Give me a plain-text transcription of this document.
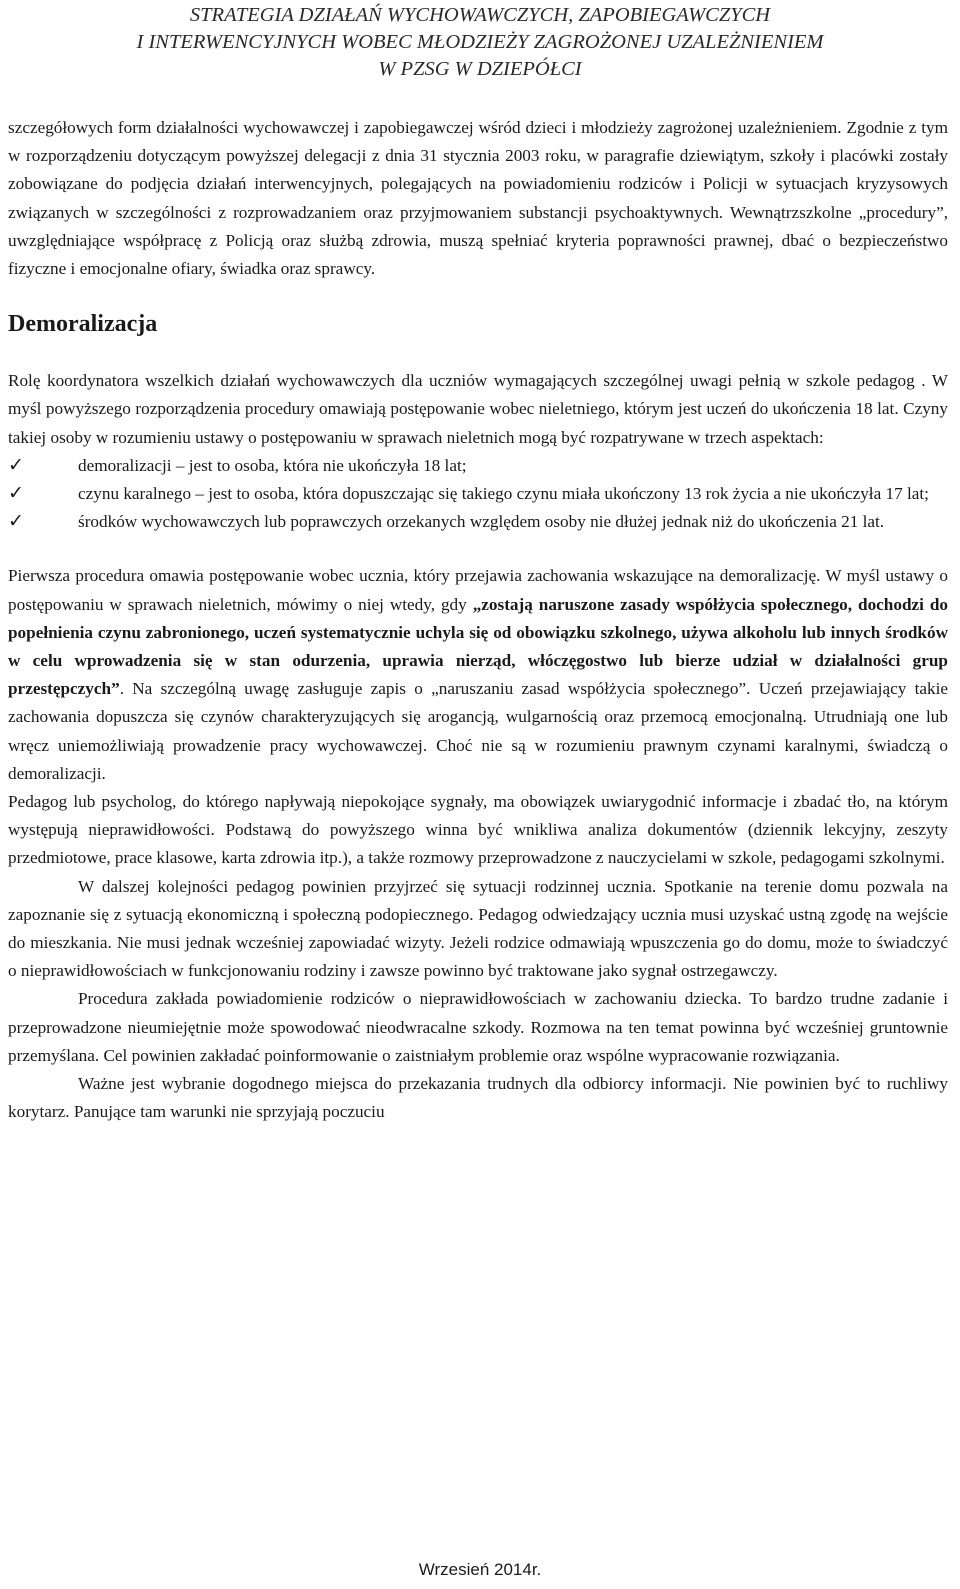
STRATEGIA DZIAŁAŃ WYCHOWAWCZYCH, ZAPOBIEGAWCZYCH
I INTERWENCYJNYCH WOBEC MŁODZIEŻY ZAGROŻONEJ UZALEŻNIENIEM
W PZSG W DZIEPÓŁCI

szczegółowych form działalności wychowawczej i zapobiegawczej wśród dzieci i młodzieży zagrożonej uzależnieniem. Zgodnie z tym w rozporządzeniu dotyczącym powyższej delegacji z dnia 31 stycznia 2003 roku, w paragrafie dziewiątym, szkoły i placówki zostały zobowiązane do podjęcia działań interwencyjnych, polegających na powiadomieniu rodziców i Policji w sytuacjach kryzysowych związanych w szczególności z rozprowadzaniem oraz przyjmowaniem substancji psychoaktywnych. Wewnątrzszkolne „procedury”, uwzględniające współpracę z Policją oraz służbą zdrowia, muszą spełniać kryteria poprawności prawnej, dbać o bezpieczeństwo fizyczne i emocjonalne ofiary, świadka oraz sprawcy.

Demoralizacja

Rolę koordynatora wszelkich działań wychowawczych dla uczniów wymagających szczególnej uwagi pełnią w szkole pedagog . W myśl powyższego rozporządzenia procedury omawiają postępowanie wobec nieletniego, którym jest uczeń do ukończenia 18 lat. Czyny takiej osoby w rozumieniu ustawy o postępowaniu w sprawach nieletnich mogą być rozpatrywane w trzech aspektach:

✓	demoralizacji – jest to osoba, która nie ukończyła 18 lat;
✓	czynu karalnego – jest to osoba, która dopuszczając się takiego czynu miała ukończony 13 rok życia a nie ukończyła 17 lat;
✓	środków wychowawczych lub poprawczych orzekanych względem osoby nie dłużej jednak niż do ukończenia 21 lat.

Pierwsza procedura omawia postępowanie wobec ucznia, który przejawia zachowania wskazujące na demoralizację. W myśl ustawy o postępowaniu w sprawach nieletnich, mówimy o niej wtedy, gdy „zostają naruszone zasady współżycia społecznego, dochodzi do popełnienia czynu zabronionego, uczeń systematycznie uchyla się od obowiązku szkolnego, używa alkoholu lub innych środków w celu wprowadzenia się w stan odurzenia, uprawia nierząd, włóczęgostwo lub bierze udział w działalności grup przestępczych”. Na szczególną uwagę zasługuje zapis o „naruszaniu zasad współżycia społecznego”. Uczeń przejawiający takie zachowania dopuszcza się czynów charakteryzujących się arogancją, wulgarnością oraz przemocą emocjonalną. Utrudniają one lub wręcz uniemożliwiają prowadzenie pracy wychowawczej. Choć nie są w rozumieniu prawnym czynami karalnymi, świadczą o demoralizacji.

Pedagog lub psycholog, do którego napływają niepokojące sygnały, ma obowiązek uwiarygodnić informacje i zbadać tło, na którym występują nieprawidłowości. Podstawą do powyższego winna być wnikliwa analiza dokumentów (dziennik lekcyjny, zeszyty przedmiotowe, prace klasowe, karta zdrowia itp.), a także rozmowy przeprowadzone z nauczycielami w szkole, pedagogami szkolnymi.

W dalszej kolejności pedagog powinien przyjrzeć się sytuacji rodzinnej ucznia. Spotkanie na terenie domu pozwala na zapoznanie się z sytuacją ekonomiczną i społeczną podopiecznego. Pedagog odwiedzający ucznia musi uzyskać ustną zgodę na wejście do mieszkania. Nie musi jednak wcześniej zapowiadać wizyty. Jeżeli rodzice odmawiają wpuszczenia go do domu, może to świadczyć o nieprawidłowościach w funkcjonowaniu rodziny i zawsze powinno być traktowane jako sygnał ostrzegawczy.

Procedura zakłada powiadomienie rodziców o nieprawidłowościach w zachowaniu dziecka. To bardzo trudne zadanie i przeprowadzone nieumiejętnie może spowodować nieodwracalne szkody. Rozmowa na ten temat powinna być wcześniej gruntownie przemyślana. Cel powinien zakładać poinformowanie o zaistniałym problemie oraz wspólne wypracowanie rozwiązania.

Ważne jest wybranie dogodnego miejsca do przekazania trudnych dla odbiorcy informacji. Nie powinien być to ruchliwy korytarz. Panujące tam warunki nie sprzyjają poczuciu

Wrzesień 2014r.
